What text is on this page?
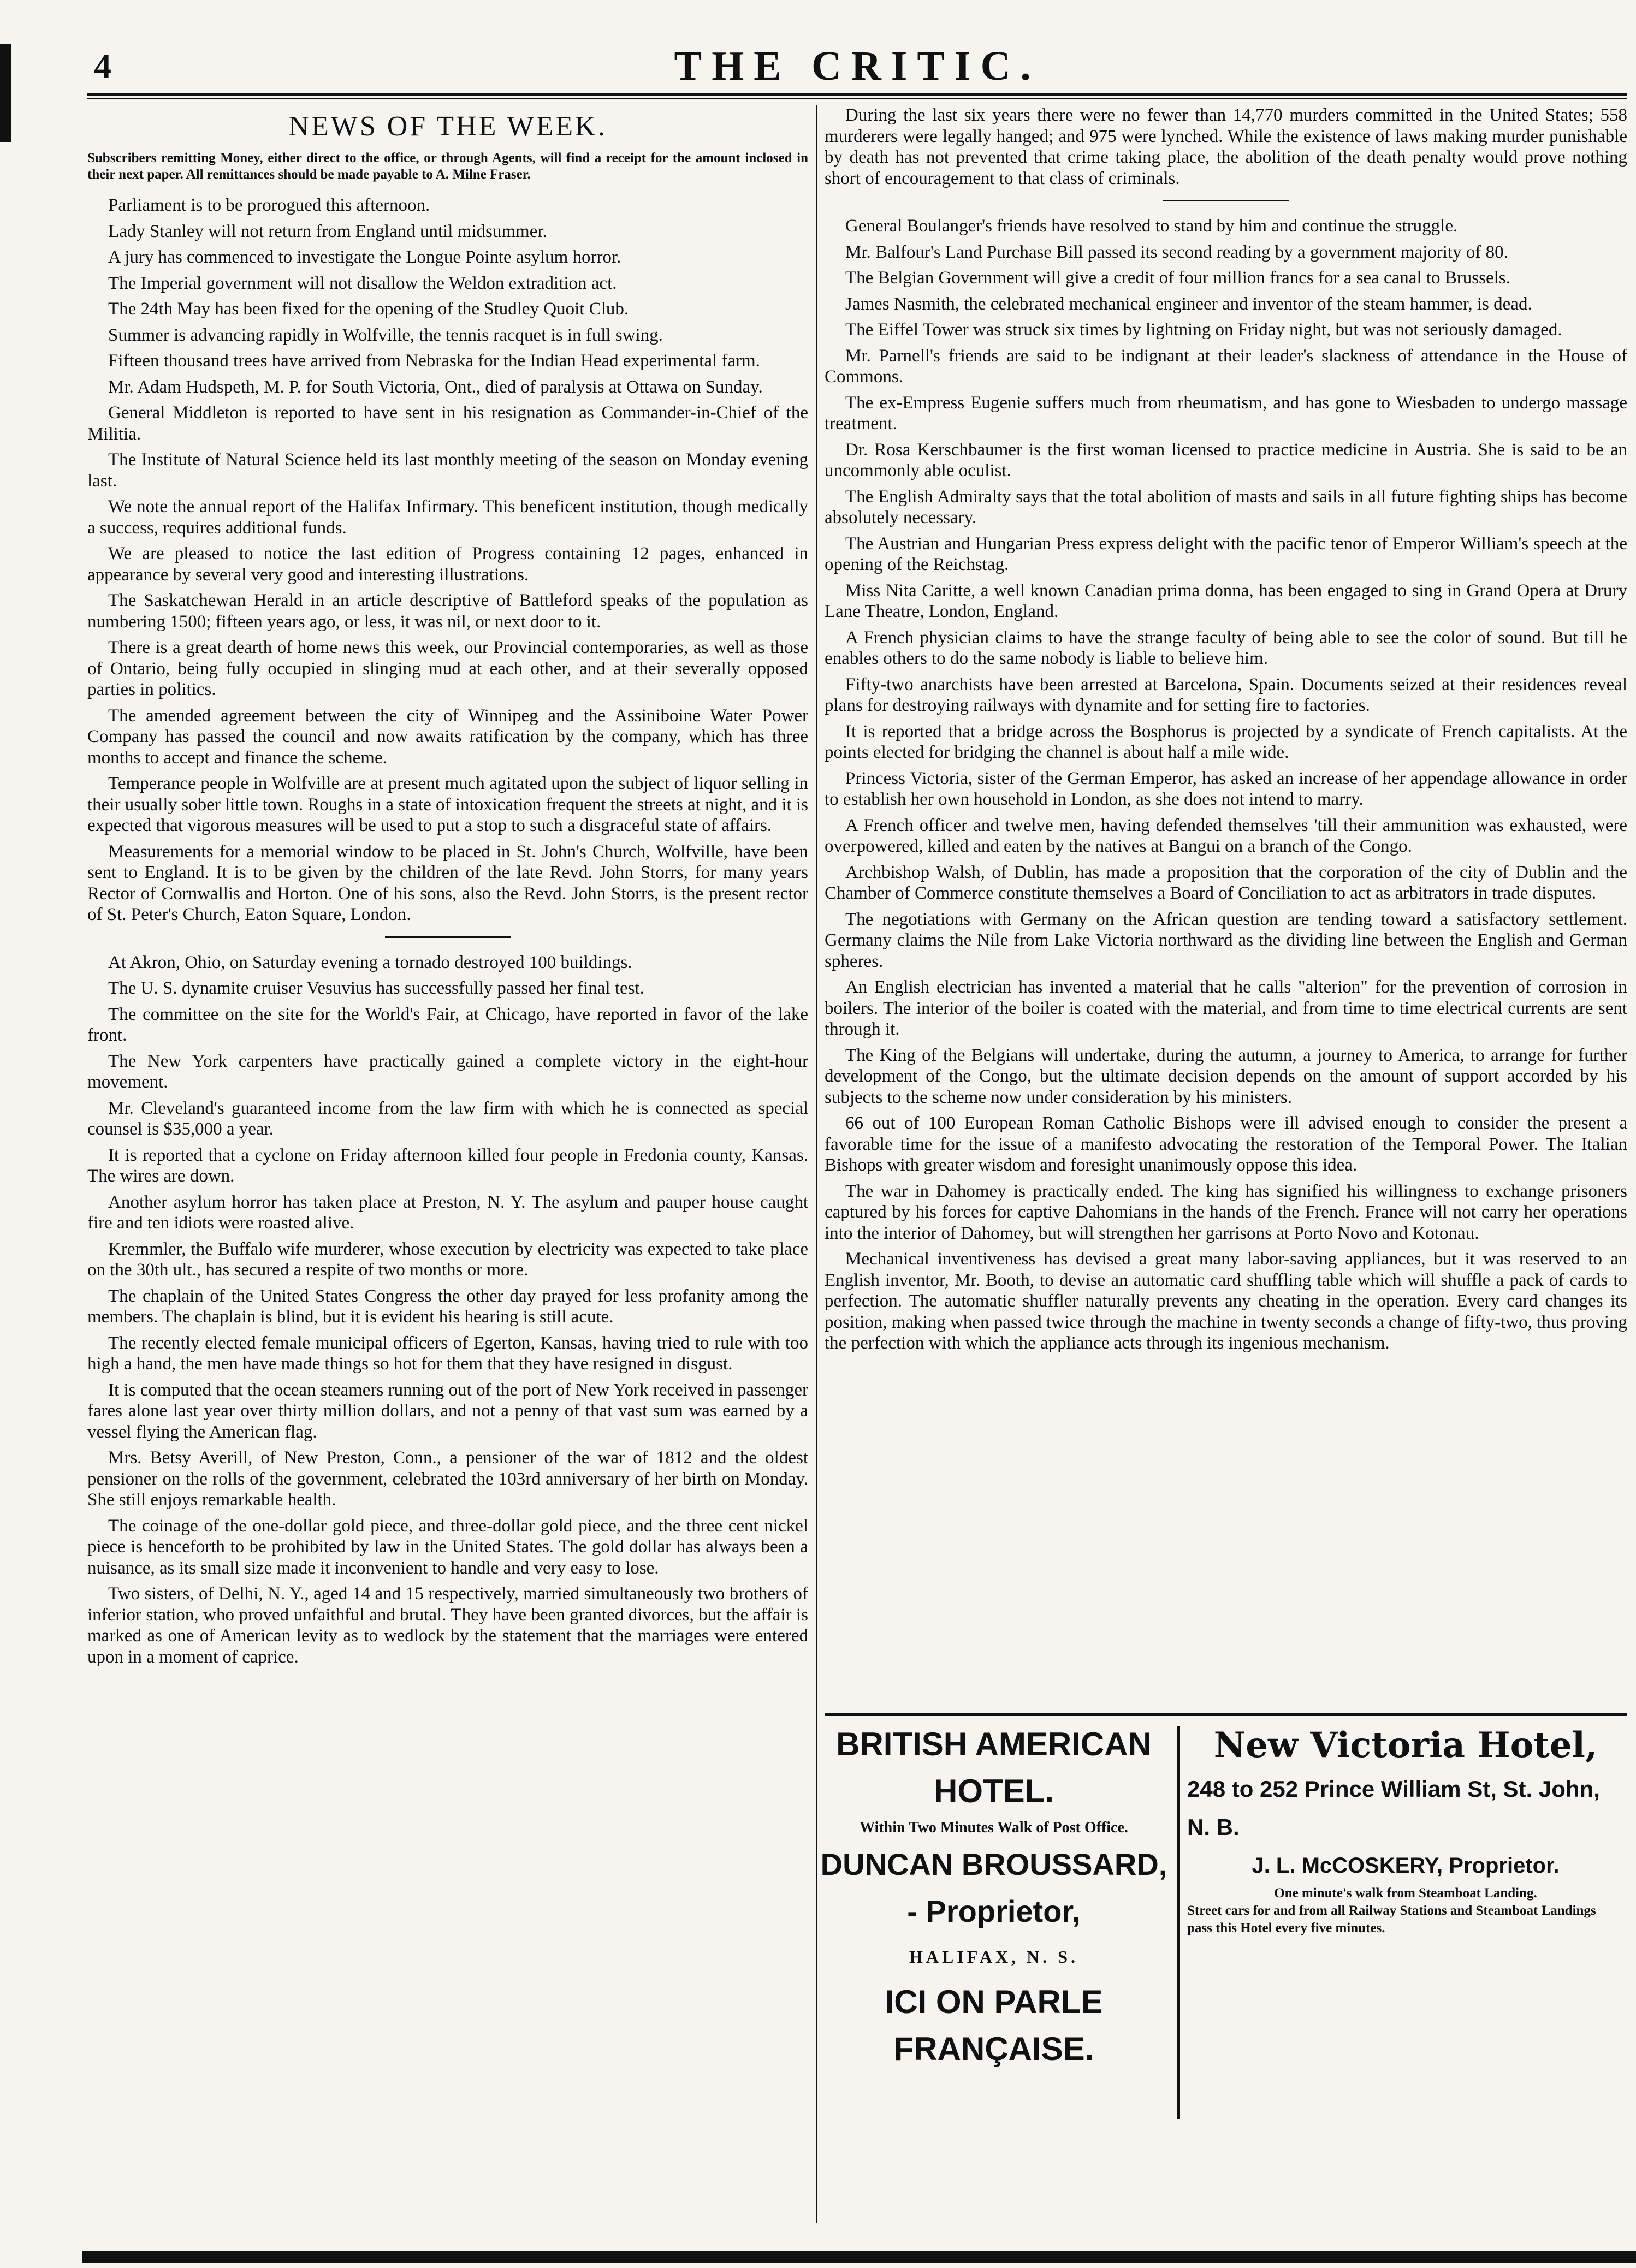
4	THE CRITIC.
NEWS OF THE WEEK.
Subscribers remitting Money, either direct to the office, or through Agents, will find a receipt for the amount inclosed in their next paper. All remittances should be made payable to A. Milne Fraser.

Parliament is to be prorogued this afternoon.

Lady Stanley will not return from England until midsummer.

A jury has commenced to investigate the Longue Pointe asylum horror.

The Imperial government will not disallow the Weldon extradition act.

The 24th May has been fixed for the opening of the Studley Quoit Club.

Summer is advancing rapidly in Wolfville, the tennis racquet is in full swing.

Fifteen thousand trees have arrived from Nebraska for the Indian Head experimental farm.

Mr. Adam Hudspeth, M. P. for South Victoria, Ont., died of paralysis at Ottawa on Sunday.

General Middleton is reported to have sent in his resignation as Commander-in-Chief of the Militia.

The Institute of Natural Science held its last monthly meeting of the season on Monday evening last.

We note the annual report of the Halifax Infirmary. This beneficent institution, though medically a success, requires additional funds.

We are pleased to notice the last edition of Progress containing 12 pages, enhanced in appearance by several very good and interesting illustrations.

The Saskatchewan Herald in an article descriptive of Battleford speaks of the population as numbering 1500; fifteen years ago, or less, it was nil, or next door to it.

There is a great dearth of home news this week, our Provincial contemporaries, as well as those of Ontario, being fully occupied in slinging mud at each other, and at their severally opposed parties in politics.

The amended agreement between the city of Winnipeg and the Assiniboine Water Power Company has passed the council and now awaits ratification by the company, which has three months to accept and finance the scheme.

Temperance people in Wolfville are at present much agitated upon the subject of liquor selling in their usually sober little town. Roughs in a state of intoxication frequent the streets at night, and it is expected that vigorous measures will be used to put a stop to such a disgraceful state of affairs.

Measurements for a memorial window to be placed in St. John's Church, Wolfville, have been sent to England. It is to be given by the children of the late Revd. John Storrs, for many years Rector of Cornwallis and Horton. One of his sons, also the Revd. John Storrs, is the present rector of St. Peter's Church, Eaton Square, London.

At Akron, Ohio, on Saturday evening a tornado destroyed 100 buildings.

The U. S. dynamite cruiser Vesuvius has successfully passed her final test.

The committee on the site for the World's Fair, at Chicago, have reported in favor of the lake front.

The New York carpenters have practically gained a complete victory in the eight-hour movement.

Mr. Cleveland's guaranteed income from the law firm with which he is connected as special counsel is $35,000 a year.

It is reported that a cyclone on Friday afternoon killed four people in Fredonia county, Kansas. The wires are down.

Another asylum horror has taken place at Preston, N. Y. The asylum and pauper house caught fire and ten idiots were roasted alive.

Kremmler, the Buffalo wife murderer, whose execution by electricity was expected to take place on the 30th ult., has secured a respite of two months or more.

The chaplain of the United States Congress the other day prayed for less profanity among the members. The chaplain is blind, but it is evident his hearing is still acute.

The recently elected female municipal officers of Egerton, Kansas, having tried to rule with too high a hand, the men have made things so hot for them that they have resigned in disgust.

It is computed that the ocean steamers running out of the port of New York received in passenger fares alone last year over thirty million dollars, and not a penny of that vast sum was earned by a vessel flying the American flag.

Mrs. Betsy Averill, of New Preston, Conn., a pensioner of the war of 1812 and the oldest pensioner on the rolls of the government, celebrated the 103rd anniversary of her birth on Monday. She still enjoys remarkable health.

The coinage of the one-dollar gold piece, and three-dollar gold piece, and the three cent nickel piece is henceforth to be prohibited by law in the United States. The gold dollar has always been a nuisance, as its small size made it inconvenient to handle and very easy to lose.

Two sisters, of Delhi, N. Y., aged 14 and 15 respectively, married simultaneously two brothers of inferior station, who proved unfaithful and brutal. They have been granted divorces, but the affair is marked as one of American levity as to wedlock by the statement that the marriages were entered upon in a moment of caprice.

During the last six years there were no fewer than 14,770 murders committed in the United States; 558 murderers were legally hanged; and 975 were lynched. While the existence of laws making murder punishable by death has not prevented that crime taking place, the abolition of the death penalty would prove nothing short of encouragement to that class of criminals.

General Boulanger's friends have resolved to stand by him and continue the struggle.

Mr. Balfour's Land Purchase Bill passed its second reading by a government majority of 80.

The Belgian Government will give a credit of four million francs for a sea canal to Brussels.

James Nasmith, the celebrated mechanical engineer and inventor of the steam hammer, is dead.

The Eiffel Tower was struck six times by lightning on Friday night, but was not seriously damaged.

Mr. Parnell's friends are said to be indignant at their leader's slackness of attendance in the House of Commons.

The ex-Empress Eugenie suffers much from rheumatism, and has gone to Wiesbaden to undergo massage treatment.

Dr. Rosa Kerschbaumer is the first woman licensed to practice medicine in Austria. She is said to be an uncommonly able oculist.

The English Admiralty says that the total abolition of masts and sails in all future fighting ships has become absolutely necessary.

The Austrian and Hungarian Press express delight with the pacific tenor of Emperor William's speech at the opening of the Reichstag.

Miss Nita Caritte, a well known Canadian prima donna, has been engaged to sing in Grand Opera at Drury Lane Theatre, London, England.

A French physician claims to have the strange faculty of being able to see the color of sound. But till he enables others to do the same nobody is liable to believe him.

Fifty-two anarchists have been arrested at Barcelona, Spain. Documents seized at their residences reveal plans for destroying railways with dynamite and for setting fire to factories.

It is reported that a bridge across the Bosphorus is projected by a syndicate of French capitalists. At the points elected for bridging the channel is about half a mile wide.

Princess Victoria, sister of the German Emperor, has asked an increase of her appendage allowance in order to establish her own household in London, as she does not intend to marry.

A French officer and twelve men, having defended themselves 'till their ammunition was exhausted, were overpowered, killed and eaten by the natives at Bangui on a branch of the Congo.

Archbishop Walsh, of Dublin, has made a proposition that the corporation of the city of Dublin and the Chamber of Commerce constitute themselves a Board of Conciliation to act as arbitrators in trade disputes.

The negotiations with Germany on the African question are tending toward a satisfactory settlement. Germany claims the Nile from Lake Victoria northward as the dividing line between the English and German spheres.

An English electrician has invented a material that he calls "alterion" for the prevention of corrosion in boilers. The interior of the boiler is coated with the material, and from time to time electrical currents are sent through it.

The King of the Belgians will undertake, during the autumn, a journey to America, to arrange for further development of the Congo, but the ultimate decision depends on the amount of support accorded by his subjects to the scheme now under consideration by his ministers.

66 out of 100 European Roman Catholic Bishops were ill advised enough to consider the present a favorable time for the issue of a manifesto advocating the restoration of the Temporal Power. The Italian Bishops with greater wisdom and foresight unanimously oppose this idea.

The war in Dahomey is practically ended. The king has signified his willingness to exchange prisoners captured by his forces for captive Dahomians in the hands of the French. France will not carry her operations into the interior of Dahomey, but will strengthen her garrisons at Porto Novo and Kotonau.

Mechanical inventiveness has devised a great many labor-saving appliances, but it was reserved to an English inventor, Mr. Booth, to devise an automatic card shuffling table which will shuffle a pack of cards to perfection. The automatic shuffler naturally prevents any cheating in the operation. Every card changes its position, making when passed twice through the machine in twenty seconds a change of fifty-two, thus proving the perfection with which the appliance acts through its ingenious mechanism.

BRITISH AMERICAN HOTEL.
Within Two Minutes Walk of Post Office.
DUNCAN BROUSSARD, - Proprietor,
HALIFAX, N. S.
ICI ON PARLE FRANÇAISE.
New Victoria Hotel,
248 to 252 Prince William St, St. John, N. B.
J. L. McCOSKERY, Proprietor.
One minute's walk from Steamboat Landing.
Street cars for and from all Railway Stations and Steamboat Landings pass this Hotel every five minutes.
